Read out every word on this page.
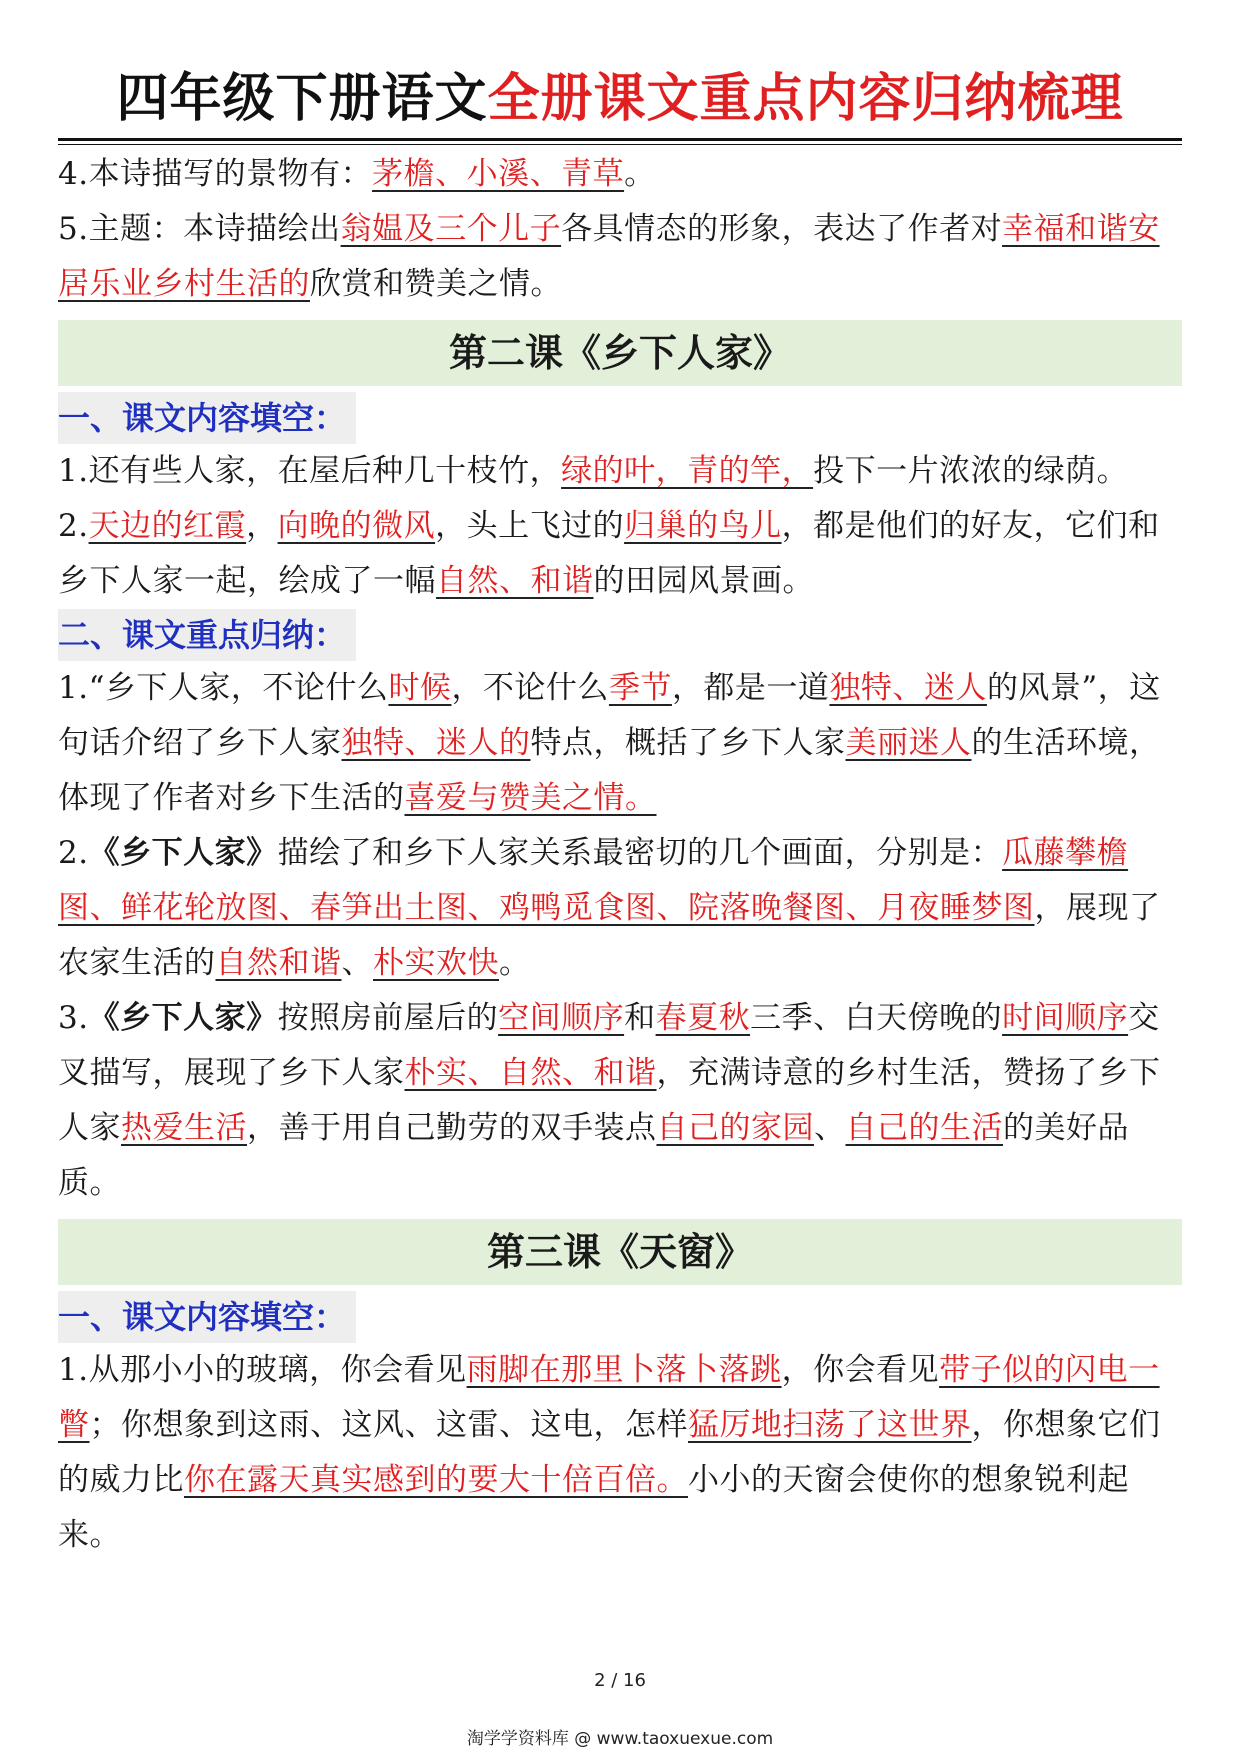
四年级下册语文全册课文重点内容归纳梳理

4.本诗描写的景物有：茅檐、小溪、青草。

5.主题：本诗描绘出翁媪及三个儿子各具情态的形象，表达了作者对幸福和谐安居乐业乡村生活的欣赏和赞美之情。

第二课《乡下人家》
一、课文内容填空：

1.还有些人家，在屋后种几十枝竹，绿的叶，青的竿，投下一片浓浓的绿荫。

2.天边的红霞，向晚的微风，头上飞过的归巢的鸟儿，都是他们的好友，它们和乡下人家一起，绘成了一幅自然、和谐的田园风景画。

二、课文重点归纳：

1.“乡下人家，不论什么时候，不论什么季节，都是一道独特、迷人的风景”，这句话介绍了乡下人家独特、迷人的特点，概括了乡下人家美丽迷人的生活环境，体现了作者对乡下生活的喜爱与赞美之情。

2.《乡下人家》描绘了和乡下人家关系最密切的几个画面，分别是：瓜藤攀檐图、鲜花轮放图、春笋出土图、鸡鸭觅食图、院落晚餐图、月夜睡梦图，展现了农家生活的自然和谐、朴实欢快。

3.《乡下人家》按照房前屋后的空间顺序和春夏秋三季、白天傍晚的时间顺序交叉描写，展现了乡下人家朴实、自然、和谐，充满诗意的乡村生活，赞扬了乡下人家热爱生活，善于用自己勤劳的双手装点自己的家园、自己的生活的美好品质。

第三课《天窗》
一、课文内容填空：

1.从那小小的玻璃，你会看见雨脚在那里卜落卜落跳，你会看见带子似的闪电一瞥；你想象到这雨、这风、这雷、这电，怎样猛厉地扫荡了这世界，你想象它们的威力比你在露天真实感到的要大十倍百倍。小小的天窗会使你的想象锐利起来。

2 / 16
淘学学资料库 @ www.taoxuexue.com
